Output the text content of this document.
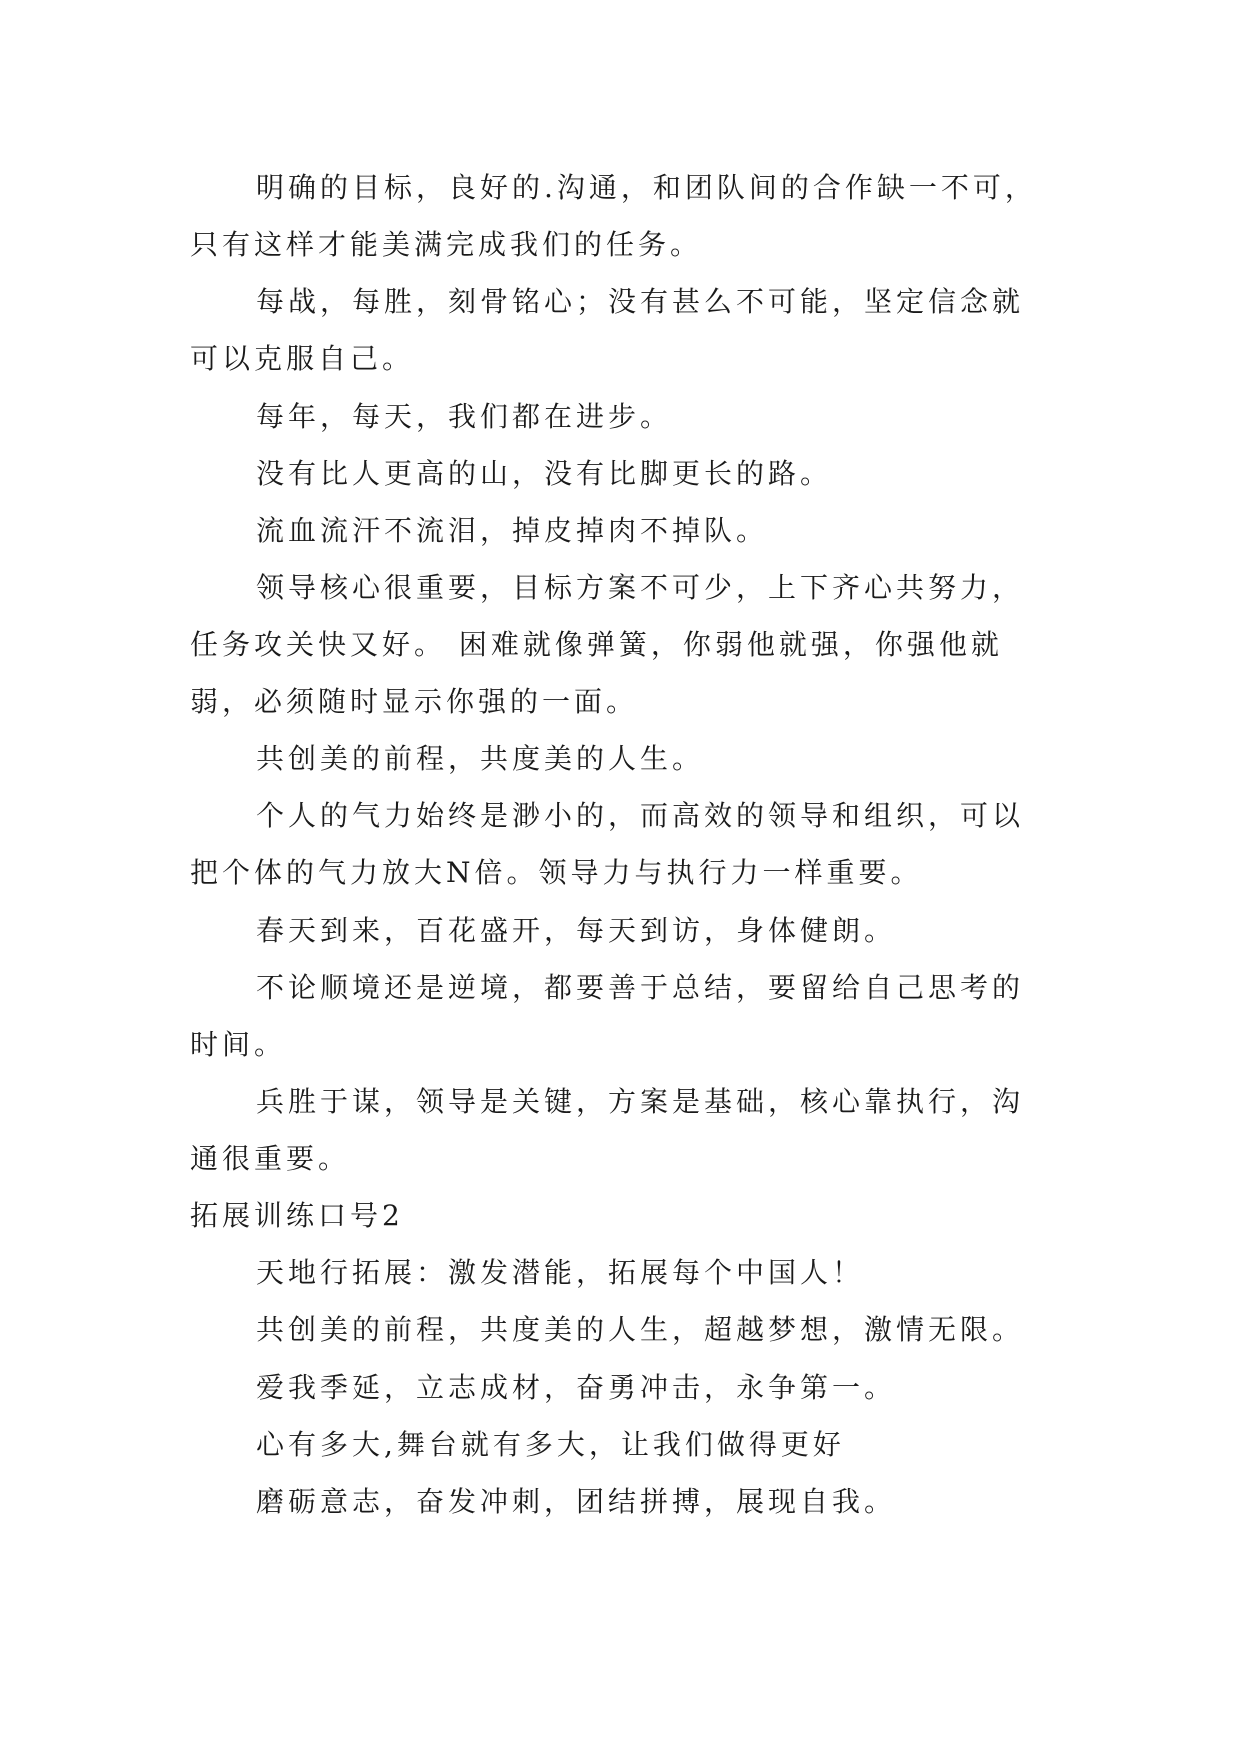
明确的目标，良好的.沟通，和团队间的合作缺一不可，
只有这样才能美满完成我们的任务。
每战，每胜，刻骨铭心；没有甚么不可能，坚定信念就
可以克服自己。
每年，每天，我们都在进步。
没有比人更高的山，没有比脚更长的路。
流血流汗不流泪，掉皮掉肉不掉队。
领导核心很重要，目标方案不可少，上下齐心共努力，
任务攻关快又好。 困难就像弹簧，你弱他就强，你强他就
弱，必须随时显示你强的一面。
共创美的前程，共度美的人生。
个人的气力始终是渺小的，而高效的领导和组织，可以
把个体的气力放大N倍。领导力与执行力一样重要。
春天到来，百花盛开，每天到访，身体健朗。
不论顺境还是逆境，都要善于总结，要留给自己思考的
时间。
兵胜于谋，领导是关键，方案是基础，核心靠执行，沟
通很重要。
拓展训练口号2
天地行拓展：激发潜能，拓展每个中国人！
共创美的前程，共度美的人生，超越梦想，激情无限。
爱我季延，立志成材，奋勇冲击，永争第一。
心有多大,舞台就有多大，让我们做得更好
磨砺意志，奋发冲刺，团结拼搏，展现自我。
